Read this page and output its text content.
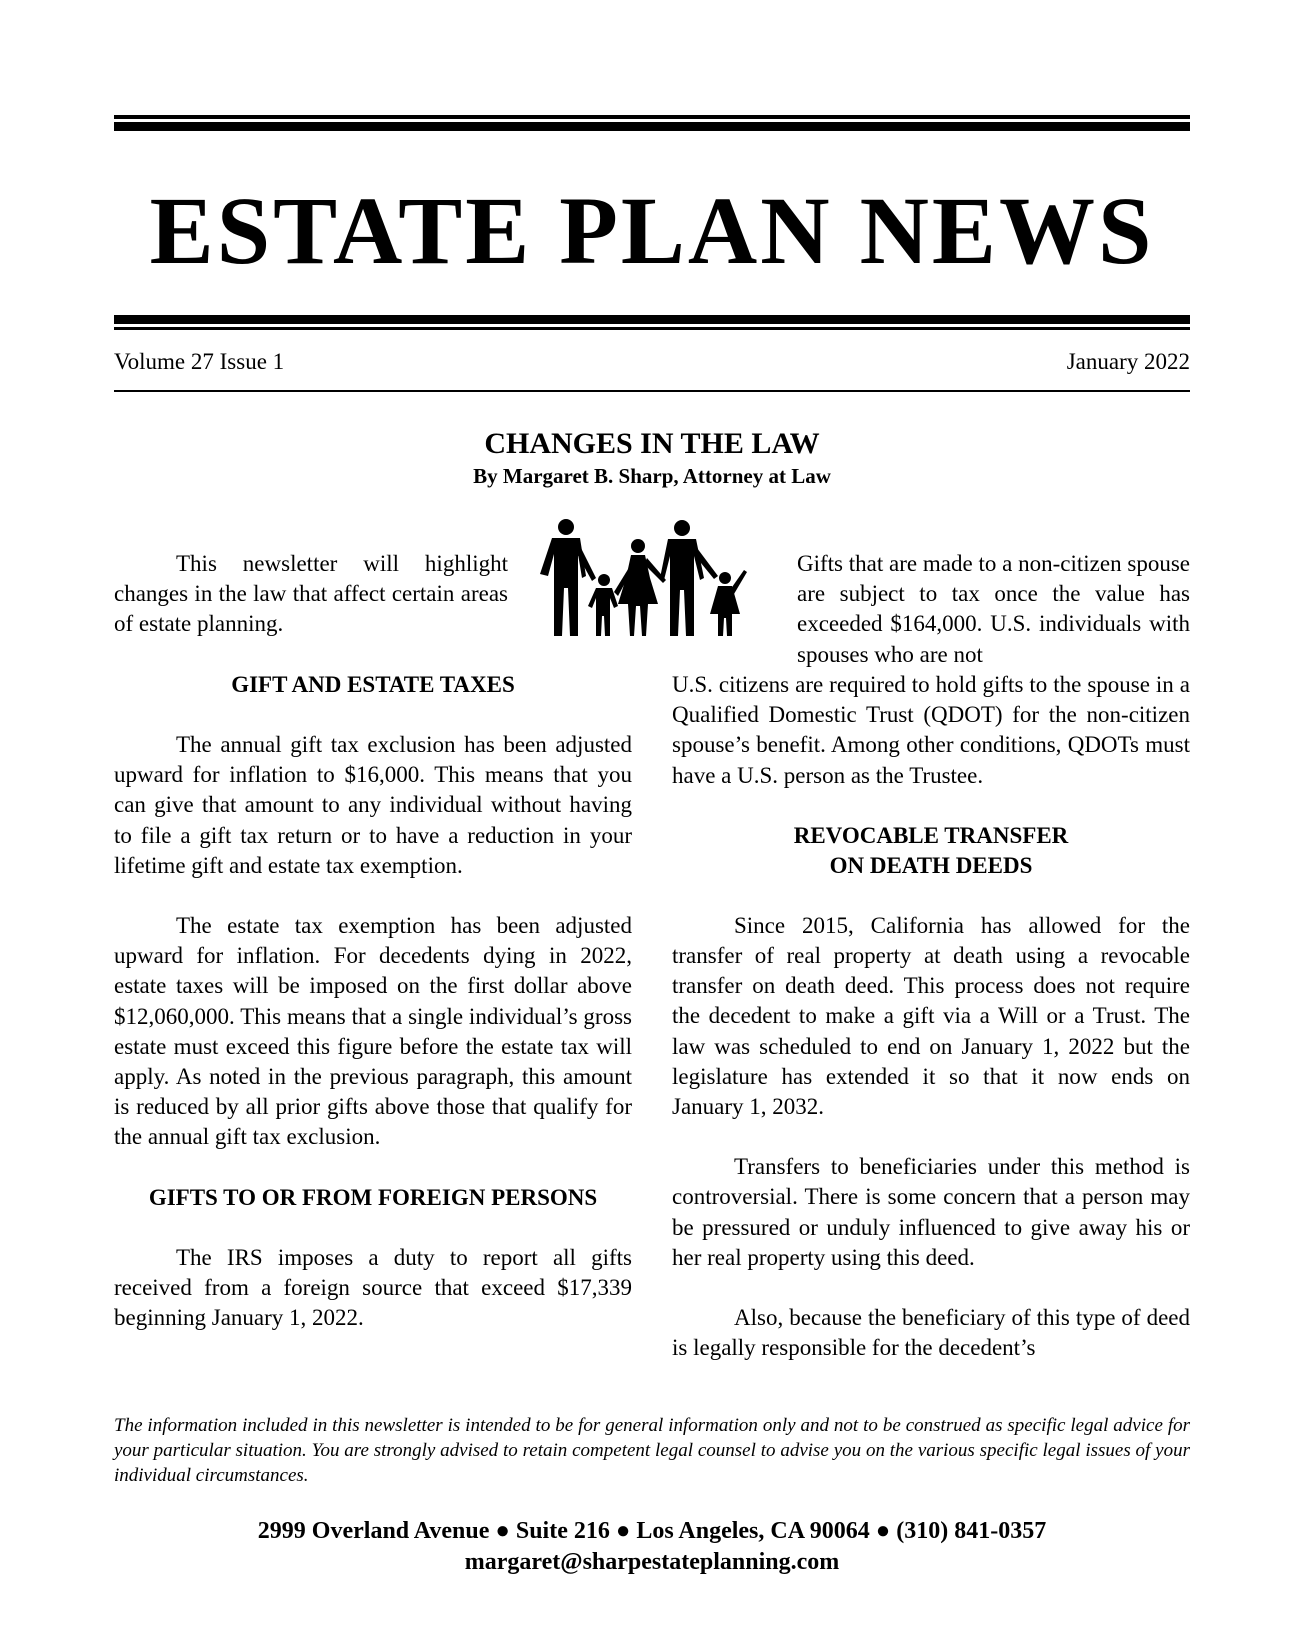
ESTATE PLAN NEWS
Volume 27 Issue 1	January 2022
CHANGES IN THE LAW
By Margaret B. Sharp, Attorney at Law

This newsletter will highlight changes in the law that affect certain areas of estate planning.

GIFT AND ESTATE TAXES

The annual gift tax exclusion has been adjusted upward for inflation to $16,000. This means that you can give that amount to any individual without having to file a gift tax return or to have a reduction in your lifetime gift and estate tax exemption.

The estate tax exemption has been adjusted upward for inflation. For decedents dying in 2022, estate taxes will be imposed on the first dollar above $12,060,000. This means that a single individual’s gross estate must exceed this figure before the estate tax will apply. As noted in the previous paragraph, this amount is reduced by all prior gifts above those that qualify for the annual gift tax exclusion.

GIFTS TO OR FROM FOREIGN PERSONS

The IRS imposes a duty to report all gifts received from a foreign source that exceed $17,339 beginning January 1, 2022.

Gifts that are made to a non-citizen spouse are subject to tax once the value has exceeded $164,000. U.S. individuals with spouses who are not

U.S. citizens are required to hold gifts to the spouse in a Qualified Domestic Trust (QDOT) for the non-citizen spouse’s benefit. Among other conditions, QDOTs must have a U.S. person as the Trustee.

REVOCABLE TRANSFER

ON DEATH DEEDS

Since 2015, California has allowed for the transfer of real property at death using a revocable transfer on death deed. This process does not require the decedent to make a gift via a Will or a Trust. The law was scheduled to end on January 1, 2022 but the legislature has extended it so that it now ends on January 1, 2032.

Transfers to beneficiaries under this method is controversial. There is some concern that a person may be pressured or unduly influenced to give away his or her real property using this deed.

Also, because the beneficiary of this type of deed is legally responsible for the decedent’s

The information included in this newsletter is intended to be for general information only and not to be construed as specific legal advice for your particular situation. You are strongly advised to retain competent legal counsel to advise you on the various specific legal issues of your individual circumstances.
2999 Overland Avenue ● Suite 216 ● Los Angeles, CA 90064 ● (310) 841-0357
margaret@sharpestateplanning.com
